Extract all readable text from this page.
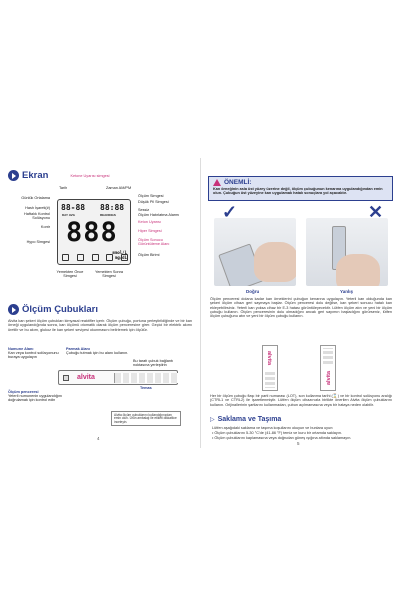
Ekran	Ketone Uyarısı simgesi
Tarih	Zaman AM/PM
Günlük Ortalama
Hash İşareti(#)
Haftalık Kontrol Solüsyonu
Kontr
Hypo Simgesi
Ölçüm Simgesi
Düşük Pil Simgesi
Sessiz
Ölçüm Hatırlatma Alarmı
Keton Uyarısı
Hiper Simgesi
Ölçüm Sonucu Görüntüleme Alanı
Ölçüm Birimi
88-88 88:88
DAY AVG	READINGS
888
mmol/L
mg/dL
Yemekten Önce Simgesi
Yemekten Sonra Simgesi
Ölçüm Çubukları
Alvita kan şekeri ölçüm çubukları kimyasal reaktifler içerir. Ölçüm çubuğu, portuna yerleştirildiğinde ve bir kan örneği uygulandığında sonra, kan ölçümü otomatik olarak ölçüm penceresine girer. Geçici bir elektrik akımı üretilir ve bu akım, glukoz ile kan şekeri seviyesi okunmasını belirlemek için ölçülür.
Numune Alanı
Kan veya kontrol solüsyonunu buraya uygulayın
Parmak Alanı
Çubuğu tutmak için bu alanı kullanın.
Bu tarafı çubuk bağlantı noktasına yerleştirin
alvita
Temas
Ölçüm penceresi
Yeterli numunenin uygulandığını doğrulamak için kontrol edin
Alvita ölçüm çubuklarını kullandığınızdan emin olun. Ürün ambalajı ile etiketi dikkatlice inceleyin.
4
ÖNEMLİ:
Kan örneğinin asla üst yüzey üzerine değil, ölçüm çubuğunun kenarına uygulandığından emin olun. Çubuğun üst yüzeyine kan uygulamak hatalı sonuçlara yol açacaktır.
✓	✕
Doğru	Yanlış
Ölçüm penceresi dolana kadar kan örneklerini çubuğun kenarına uygulayın. Yeterli kan olduğunda kan şekeri ölçüm cihazı geri saymaya başlar. Ölçüm penceresi dolu değilse, kan şekeri sonucu hatalı kan ekleyebilirsiniz. Yeterli kan yoksa cihaz bir E-3 hatası görüntüleyecektir. Lütfen ölçüm atın ve yeni bir ölçüm çubuğu kullanın. Ölçüm penceresinin dolu olmadığını ancak geri sayımın başladığını görürseniz, lütfen ölçüm çubuğunu atın ve yeni bir ölçüm çubuğu kullanın.
alvita
alvita
Her bir ölçüm çubuğu flaşı bir parti numarası (LOT), son kullanma tarihi (⌛) ve bir kontrol solüsyonu aralığı (CTRL1 ve CTRL2) ile işaretlenmiştir. Lütfen ölçüm cihazınızla birlikte önerilen Alvita ölçüm çubuklarını kullanın. Orijinallerinin şartlarını kullanmadan, çubun açılmamasına veya bir hataya neden olabilir.
▷ Saklama ve Taşıma
Lütfen aşağıdaki saklama ve taşıma koşullarını okuyun ve bunlara uyun:
• Ölçüm çubuklarını 5-30 °C'de (41-86 °F) temiz ve kuru bir ortamda saklayın.
• Ölçüm çubuklarını kaplamasına veya doğrudan güneş ışığına altında saklamayın.
5
